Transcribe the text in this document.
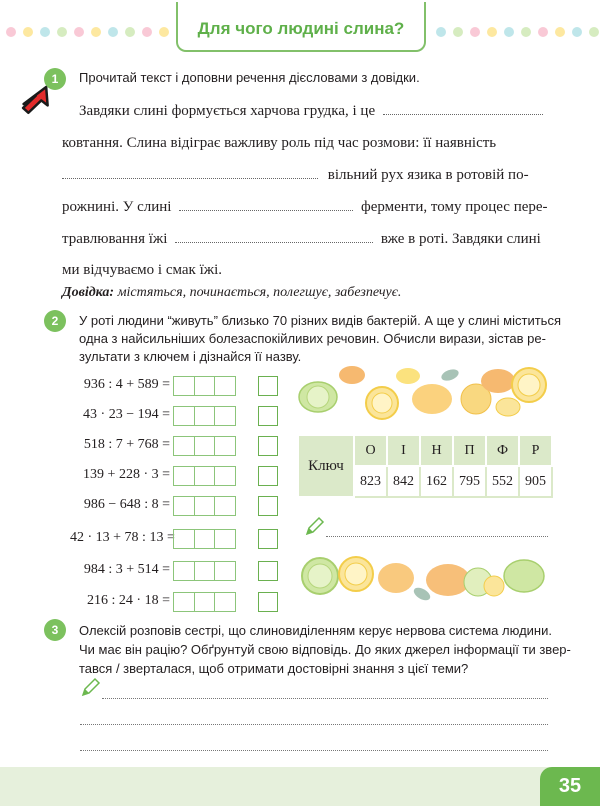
Для чого людині слина?
1	Прочитай текст і доповни речення дієсловами з довідки.
Завдяки слині формується харчова грудка, і це
ковтання. Слина відіграє важливу роль під час розмови: її наявність
вільний рух язика в ротовій по-
рожнині. У слині	ферменти, тому процес пере-
травлювання їжі	вже в роті. Завдяки слині
ми відчуваємо і смак їжі.
Довідка: містяться, починається, полегшує, забезпечує.
2	У роті людини “живуть” близько 70 різних видів бактерій. А ще у слині міститься
одна з найсильніших болезаспокійливих речовин. Обчисли вирази, зістав ре-
зультати з ключем і дізнайся її назву.
936 : 4 + 589 =
43 · 23 − 194 =
518 : 7 + 768 =
139 + 228 · 3 =
986 − 648 : 8 =
42 · 13 + 78 : 13 =
984 : 3 + 514 =
216 : 24 · 18 =
Ключ	О	І	Н	П	Ф	Р
	823	842	162	795	552	905
3	Олексій розповів сестрі, що слиновиділенням керує нервова система людини.
Чи має він рацію? Обґрунтуй свою відповідь. До яких джерел інформації ти звер-
тався / зверталася, щоб отримати достовірні знання з цієї теми?
35
